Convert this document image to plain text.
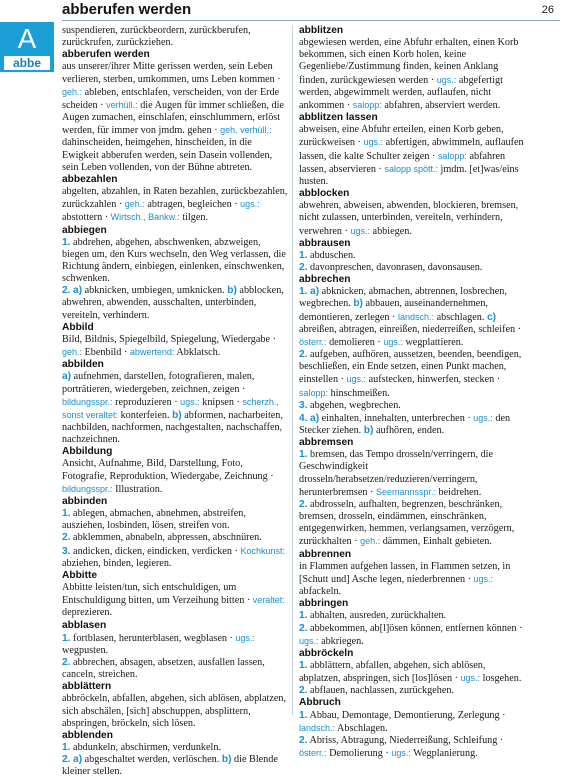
abberufen werden	26
A
abbe
suspendieren, zurückbeordern, zurückberufen, zurückrufen, zurückziehen.
abberufen werden
aus unserer/ihrer Mitte gerissen werden, sein Leben verlieren, sterben, umkommen, ums Leben kommen · geh.: ableben, entschlafen, verscheiden, von der Erde scheiden · verhüll.: die Augen für immer schließen, die Augen zumachen, einschlafen, einschlummern, erlöst werden, für immer von jmdm. gehen · geh. verhüll.: dahinscheiden, heimgehen, hinscheiden, in die Ewigkeit abberufen werden, sein Dasein vollenden, sein Leben vollenden, von der Bühne abtreten.
abbezahlen
abgelten, abzahlen, in Raten bezahlen, zurückbezahlen, zurückzahlen · geh.: abtragen, begleichen · ugs.: abstottern · Wirtsch., Bankw.: tilgen.
abbiegen
1. abdrehen, abgehen, abschwenken, abzweigen, biegen um, den Kurs wechseln, den Weg verlassen, die Richtung ändern, einbiegen, einlenken, einschwenken, schwenken.
2. a) abknicken, umbiegen, umknicken. b) abblocken, abwehren, abwenden, ausschalten, unterbinden, vereiteln, verhindern.
Abbild
Bild, Bildnis, Spiegelbild, Spiegelung, Wiedergabe · geh.: Ebenbild · abwertend: Abklatsch.
abbilden
a) aufnehmen, darstellen, fotografieren, malen, porträtieren, wiedergeben, zeichnen, zeigen · bildungsspr.: reproduzieren · ugs.: knipsen · scherzh., sonst veraltet: konterfeien. b) abformen, nacharbeiten, nachbilden, nachformen, nachgestalten, nachschaffen, nachzeichnen.
Abbildung
Ansicht, Aufnahme, Bild, Darstellung, Foto, Fotografie, Reproduktion, Wiedergabe, Zeichnung · bildungsspr.: Illustration.
abbinden
1. ablegen, abmachen, abnehmen, abstreifen, ausziehen, losbinden, lösen, streifen von.
2. abklemmen, abnabeln, abpressen, abschnüren.
3. andicken, dicken, eindicken, verdicken · Kochkunst: abziehen, binden, legieren.
Abbitte
Abbitte leisten/tun, sich entschuldigen, um Entschuldigung bitten, um Verzeihung bitten · veraltet: deprezieren.
abblasen
1. fortblasen, herunterblasen, wegblasen · ugs.: wegpusten.
2. abbrechen, absagen, absetzen, ausfallen lassen, canceln, streichen.
abblättern
abbröckeln, abfallen, abgehen, sich ablösen, abplatzen, sich abschälen, [sich] abschuppen, absplittern, abspringen, bröckeln, sich lösen.
abblenden
1. abdunkeln, abschirmen, verdunkeln.
2. a) abgeschaltet werden, verlöschen. b) die Blende kleiner stellen.
abblitzen
abgewiesen werden, eine Abfuhr erhalten, einen Korb bekommen, sich einen Korb holen, keine Gegenliebe/Zustimmung finden, keinen Anklang finden, zurückgewiesen werden · ugs.: abgefertigt werden, abgewimmelt werden, auflaufen, nicht ankommen · salopp: abfahren, abserviert werden.
abblitzen lassen
abweisen, eine Abfuhr erteilen, einen Korb geben, zurückweisen · ugs.: abfertigen, abwimmeln, auflaufen lassen, die kalte Schulter zeigen · salopp: abfahren lassen, abservieren · salopp spött.: jmdm. [et]was/eins husten.
abblocken
abwehren, abweisen, abwenden, blockieren, bremsen, nicht zulassen, unterbinden, vereiteln, verhindern, verwehren · ugs.: abbiegen.
abbrausen
1. abduschen.
2. davonpreschen, davonrasen, davonsausen.
abbrechen
1. a) abknicken, abmachen, abtrennen, losbrechen, wegbrechen. b) abbauen, auseinandernehmen, demontieren, zerlegen · landsch.: abschlagen. c) abreißen, abtragen, einreißen, niederreißen, schleifen · österr.: demolieren · ugs.: wegplattieren.
2. aufgeben, aufhören, aussetzen, beenden, beendigen, beschließen, ein Ende setzen, einen Punkt machen, einstellen · ugs.: aufstecken, hinwerfen, stecken · salopp: hinschmeißen.
3. abgehen, wegbrechen.
4. a) einhalten, innehalten, unterbrechen · ugs.: den Stecker ziehen. b) aufhören, enden.
abbremsen
1. bremsen, das Tempo drosseln/verringern, die Geschwindigkeit drosseln/herabsetzen/reduzieren/verringern, herunterbremsen · Seemannsspr.: beidrehen.
2. abdrosseln, aufhalten, begrenzen, beschränken, bremsen, drosseln, eindämmen, einschränken, entgegenwirken, hemmen, verlangsamen, verzögern, zurückhalten · geh.: dämmen, Einhalt gebieten.
abbrennen
in Flammen aufgehen lassen, in Flammen setzen, in [Schutt und] Asche legen, niederbrennen · ugs.: abfackeln.
abbringen
1. abhalten, ausreden, zurückhalten.
2. abbekommen, ab[l]ösen können, entfernen können · ugs.: abkriegen.
abbröckeln
1. abblättern, abfallen, abgehen, sich ablösen, abplatzen, abspringen, sich [los]lösen · ugs.: losgehen.
2. abflauen, nachlassen, zurückgehen.
Abbruch
1. Abbau, Demontage, Demontierung, Zerlegung · landsch.: Abschlagen.
2. Abriss, Abtragung, Niederreißung, Schleifung · österr.: Demolierung · ugs.: Wegplanierung.
